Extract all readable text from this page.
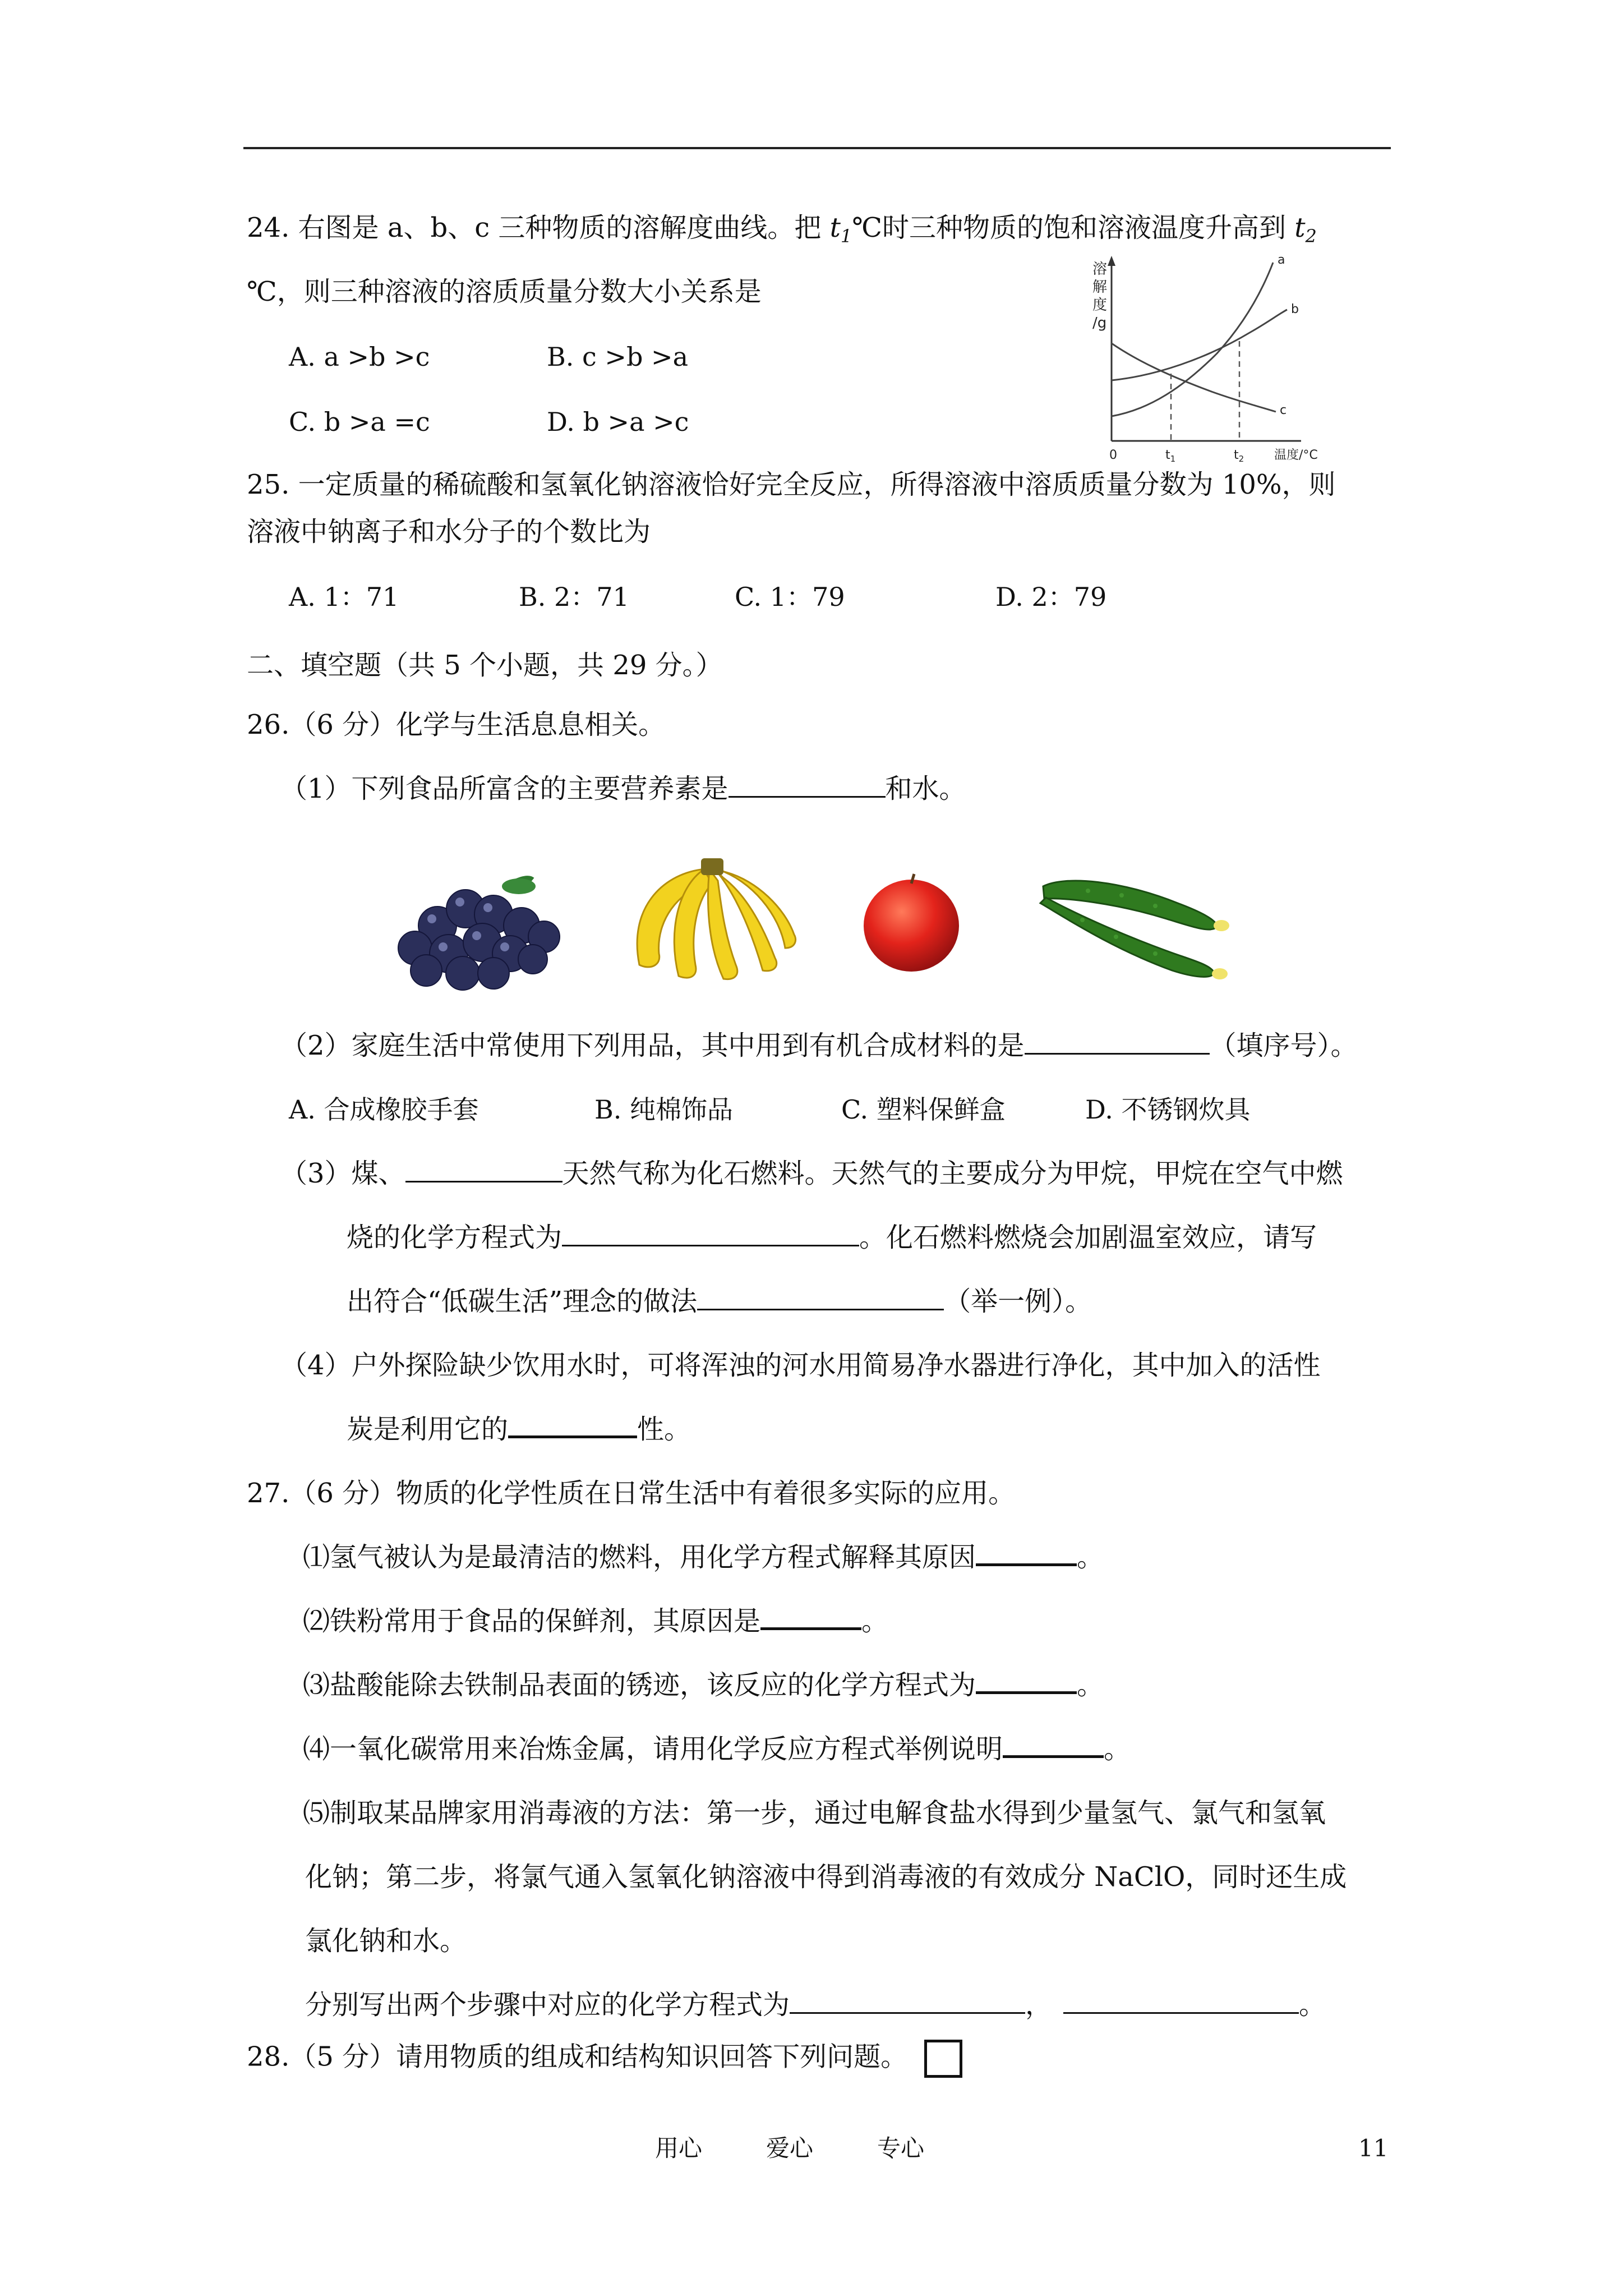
24. 右图是 a、b、c 三种物质的溶解度曲线。把 $t_1℃$时三种物质的饱和溶液温度升高到 $t_2$
℃，则三种溶液的溶质质量分数大小关系是
A. a >b >c	B. c >b >a
C. b >a =c	D. b >a >c
溶
解
度
/g
a
b
c
0	$t_1$	$t_2$ 温度/°C
25. 一定质量的稀硫酸和氢氧化钠溶液恰好完全反应，所得溶液中溶质质量分数为 10%，则
溶液中钠离子和水分子的个数比为
A. 1：71	B. 2：71	C. 1：79	D. 2：79
二、填空题（共 5 个小题，共 29 分。）
26.（6 分）化学与生活息息相关。
（1）下列食品所富含的主要营养素是	和水。
（2）家庭生活中常使用下列用品，其中用到有机合成材料的是	（填序号）。
A. 合成橡胶手套	B. 纯棉饰品	C. 塑料保鲜盒	D. 不锈钢炊具
（3）煤、	天然气称为化石燃料。天然气的主要成分为甲烷，甲烷在空气中燃
烧的化学方程式为	。化石燃料燃烧会加剧温室效应，请写
出符合“低碳生活”理念的做法	（举一例）。
（4）户外探险缺少饮用水时，可将浑浊的河水用简易净水器进行净化，其中加入的活性
炭是利用它的	性。
27.（6 分）物质的化学性质在日常生活中有着很多实际的应用。
⑴氢气被认为是最清洁的燃料，用化学方程式解释其原因	。
⑵铁粉常用于食品的保鲜剂，其原因是	。
⑶盐酸能除去铁制品表面的锈迹，该反应的化学方程式为	。
⑷一氧化碳常用来冶炼金属，请用化学反应方程式举例说明	。
⑸制取某品牌家用消毒液的方法：第一步，通过电解食盐水得到少量氢气、氯气和氢氧
化钠；第二步，将氯气通入氢氧化钠溶液中得到消毒液的有效成分 NaClO，同时还生成
氯化钠和水。
分别写出两个步骤中对应的化学方程式为	，	。
28.（5 分）请用物质的组成和结构知识回答下列问题。
用心	爱心	专心	11
